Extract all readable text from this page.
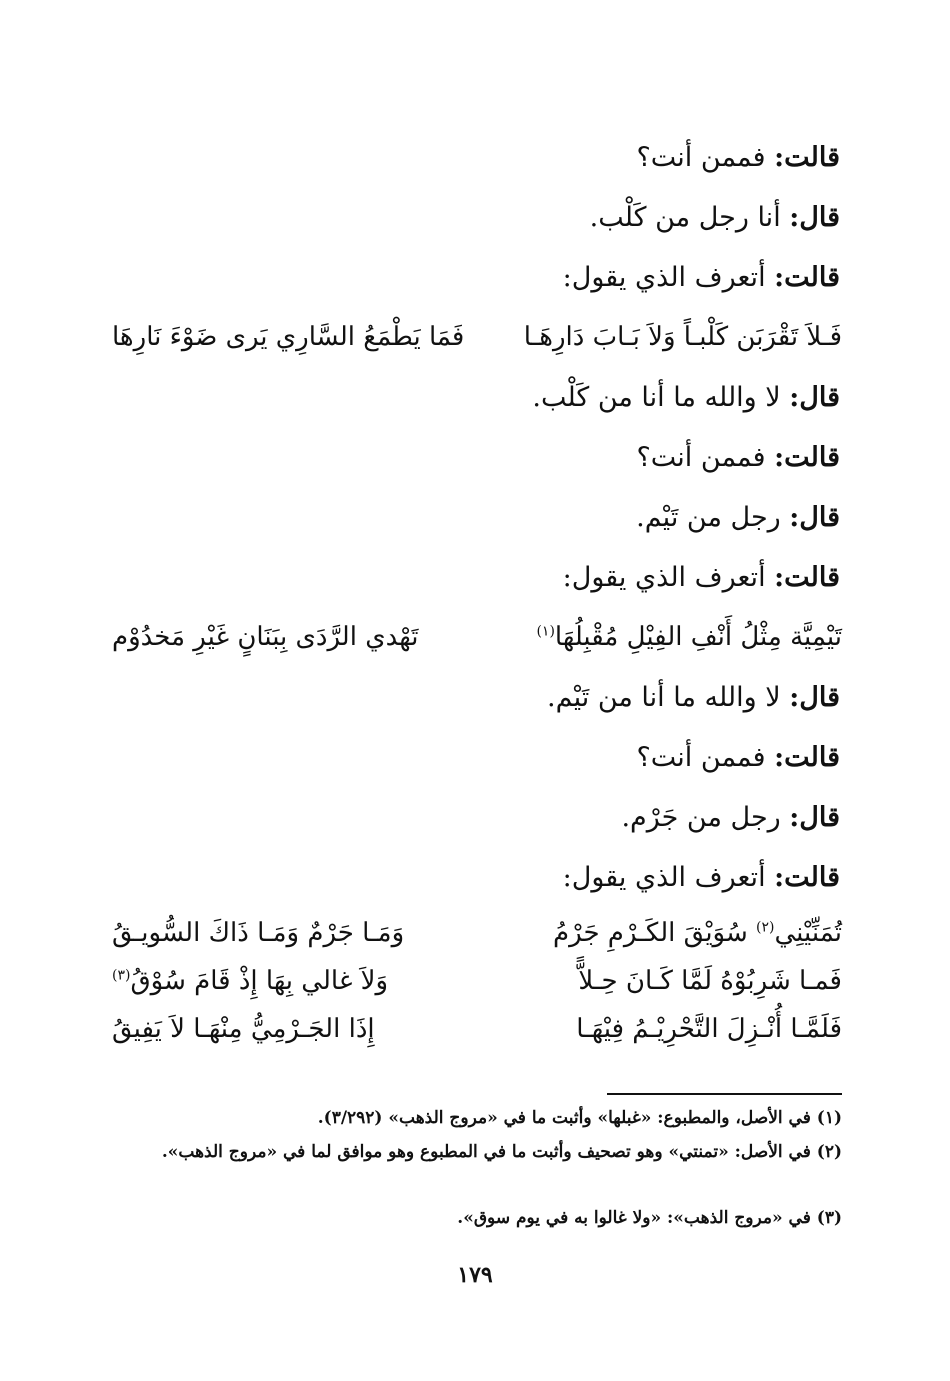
قالت: فممن أنت؟
قال: أنا رجل من كَلْب.
قالت: أتعرف الذي يقول:
فَـلاَ تَقْرَبَن كَلْبـاً وَلاَ بَـابَ دَارِهَـا
فَمَا يَطْمَعُ السَّارِي يَرى ضَوْءَ نَارِهَا
قال: لا والله ما أنا من كَلْب.
قالت: فممن أنت؟
قال: رجل من تَيْم.
قالت: أتعرف الذي يقول:
تَيْمِيَّة مِثْلُ أَنْفِ الفِيْلِ مُقْبِلُهَا$^{(١)}$
تَهْدي الرَّدَى بِبَنَانٍ غَيْرِ مَخدُوْم
قال: لا والله ما أنا من تَيْم.
قالت: فممن أنت؟
قال: رجل من جَرْم.
قالت: أتعرف الذي يقول:
تُمَنِّيْنِي$^{(٢)}$ سُوَيْقَ الكَـرْمِ جَرْمُ
وَمَـا جَرْمٌ وَمَـا ذَاكَ السُّويـقُ
فَمـا شَرِبُوْهُ لَمَّا كَـانَ حِـلاًّ
وَلاَ غالي بِهَا إِذْ قَامَ سُوْقُ$^{(٣)}$
فَلَمَّـا أُنْـزِلَ التَّحْرِيْـمُ فِيْهَـا
إِذَا الجَـرْمِيُّ مِنْهَـا لاَ يَفِيقُ
(١) في الأصل، والمطبوع: «غبلها» وأثبت ما في «مروج الذهب» (٣/٢٩٢).
(٢) في الأصل: «تمنتي» وهو تصحيف وأثبت ما في المطبوع وهو موافق لما في «مروج الذهب».
(٣) في «مروج الذهب»: «ولا غالوا به في يوم سوق».
١٧٩
